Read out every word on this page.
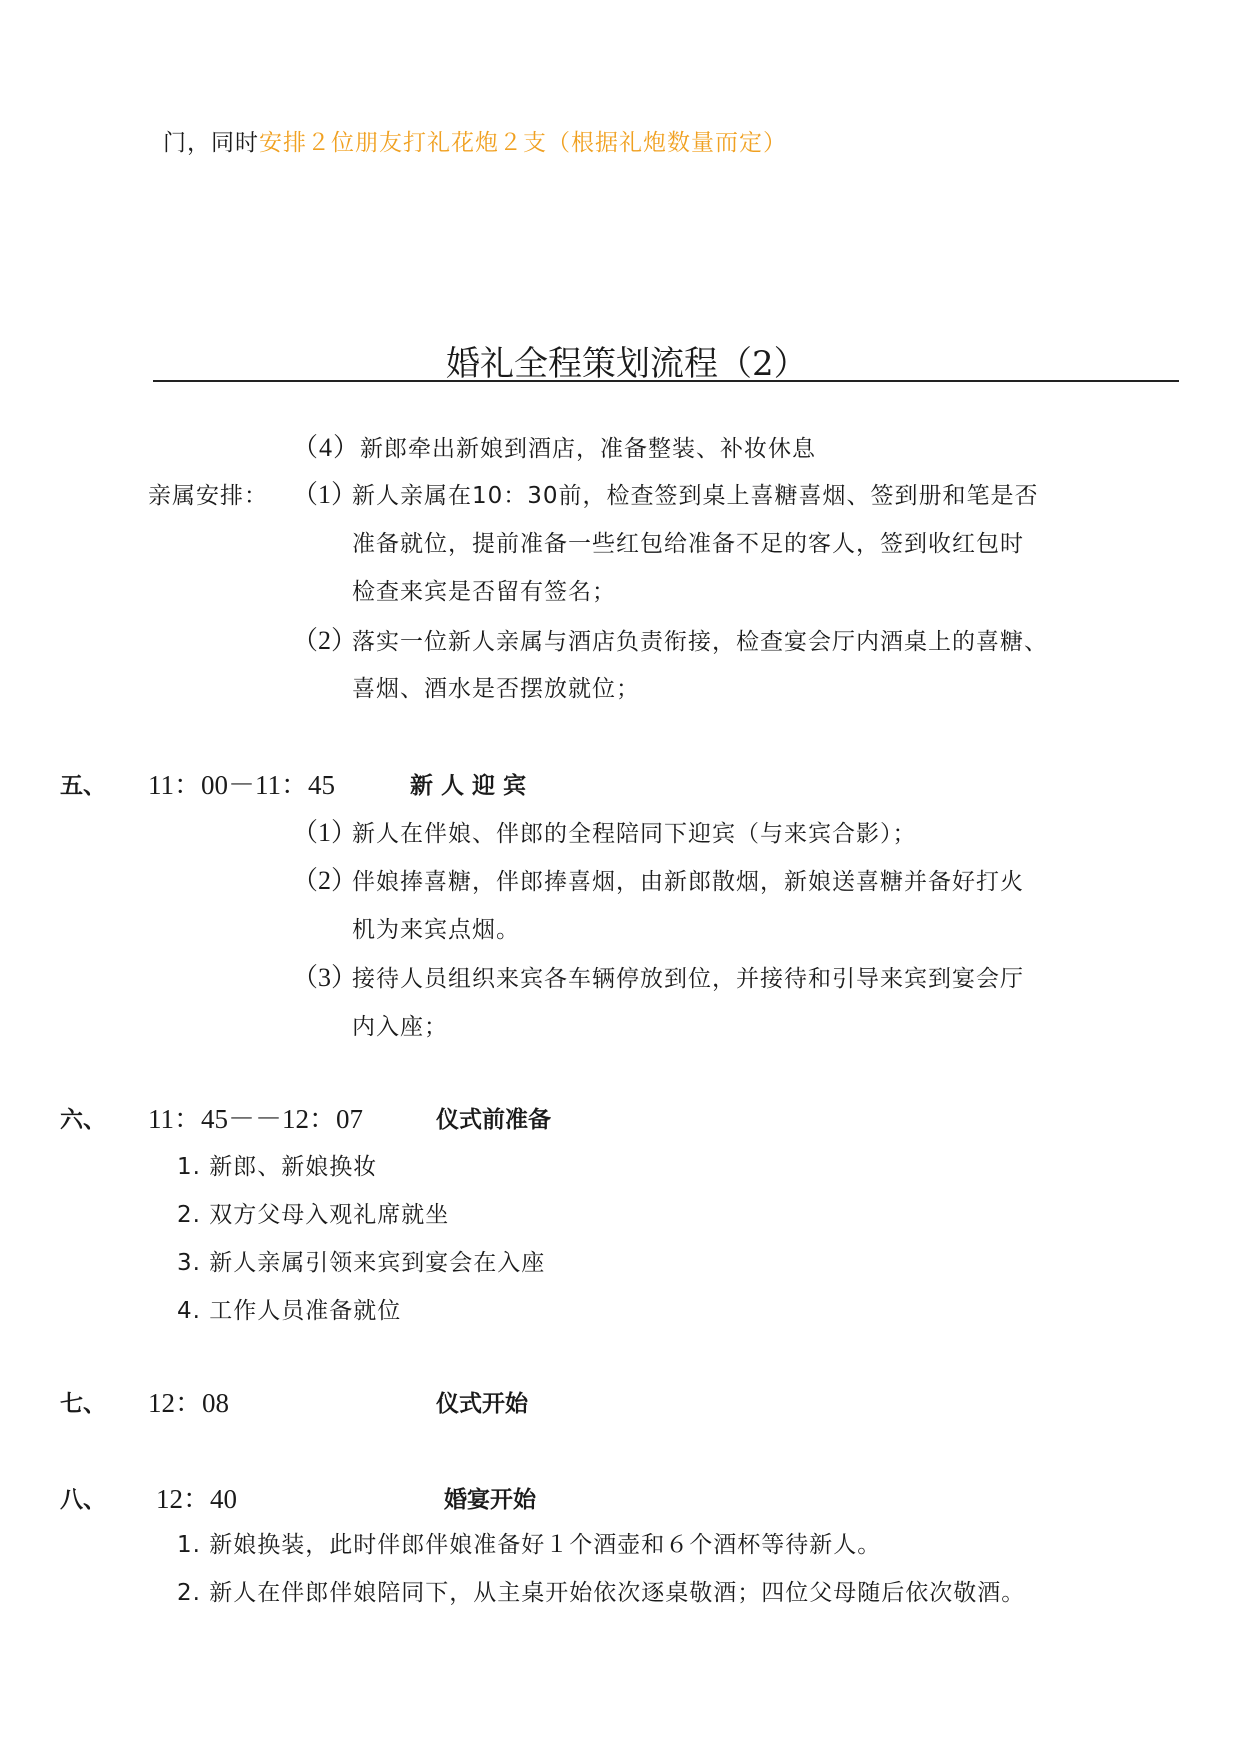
门，同时安排２位朋友打礼花炮２支（根据礼炮数量而定）
婚礼全程策划流程（2）
（4）新郎牵出新娘到酒店，准备整装、补妆休息
亲属安排： （1）
新人亲属在10：30前，检查签到桌上喜糖喜烟、签到册和笔是否
准备就位，提前准备一些红包给准备不足的客人，签到收红包时
检查来宾是否留有签名；
（2）
落实一位新人亲属与酒店负责衔接，检查宴会厅内酒桌上的喜糖、
喜烟、酒水是否摆放就位；
五、 11：00－11：45	新 人 迎 宾
（1）
新人在伴娘、伴郎的全程陪同下迎宾（与来宾合影）；
（2）
伴娘捧喜糖，伴郎捧喜烟，由新郎散烟，新娘送喜糖并备好打火
机为来宾点烟。
（3）
接待人员组织来宾各车辆停放到位，并接待和引导来宾到宴会厅
内入座；
六、 11：45－－12：07	仪式前准备
1. 新郎、新娘换妆
2. 双方父母入观礼席就坐
3. 新人亲属引领来宾到宴会在入座
4. 工作人员准备就位
七、 12：08	仪式开始
八、 12：40	婚宴开始
1. 新娘换装，此时伴郎伴娘准备好１个酒壶和６个酒杯等待新人。
2. 新人在伴郎伴娘陪同下，从主桌开始依次逐桌敬酒；四位父母随后依次敬酒。
